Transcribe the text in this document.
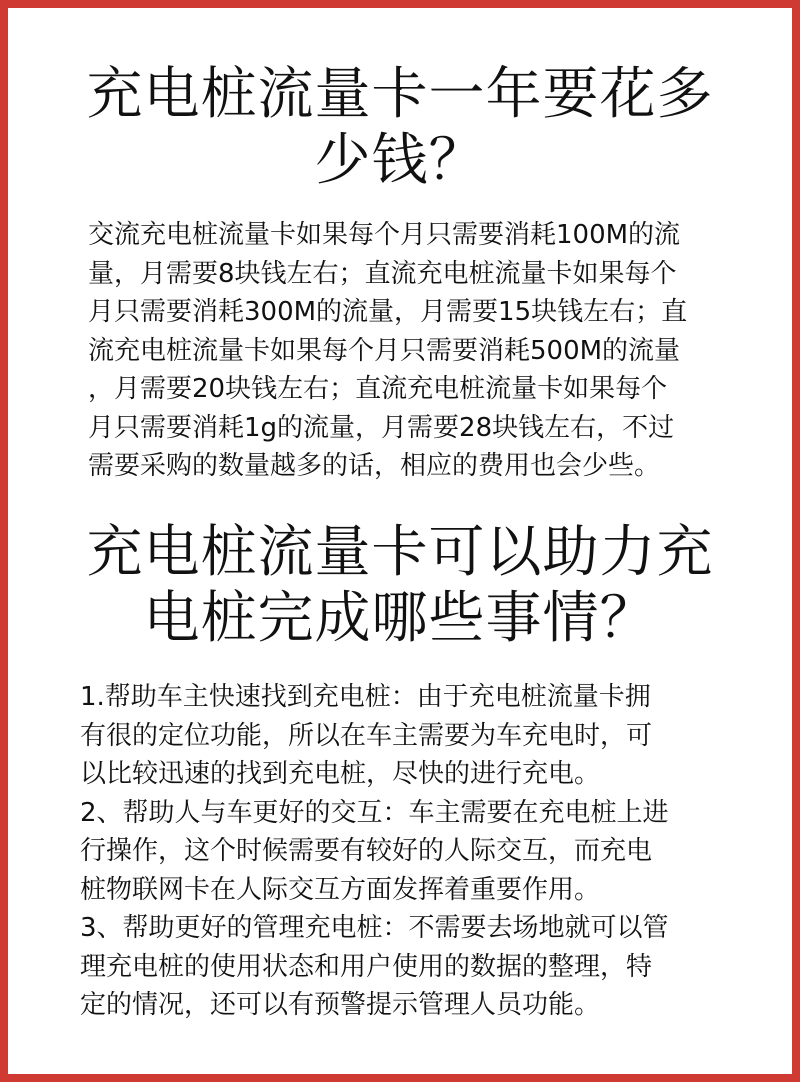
充电桩流量卡一年要花多
少钱？
交流充电桩流量卡如果每个月只需要消耗100M的流
量，月需要8块钱左右；直流充电桩流量卡如果每个
月只需要消耗300M的流量，月需要15块钱左右；直
流充电桩流量卡如果每个月只需要消耗500M的流量
，月需要20块钱左右；直流充电桩流量卡如果每个
月只需要消耗1g的流量，月需要28块钱左右，不过
需要采购的数量越多的话，相应的费用也会少些。
充电桩流量卡可以助力充
电桩完成哪些事情？
1.帮助车主快速找到充电桩：由于充电桩流量卡拥
有很的定位功能，所以在车主需要为车充电时，可
以比较迅速的找到充电桩，尽快的进行充电。
2、帮助人与车更好的交互：车主需要在充电桩上进
行操作，这个时候需要有较好的人际交互，而充电
桩物联网卡在人际交互方面发挥着重要作用。
3、帮助更好的管理充电桩：不需要去场地就可以管
理充电桩的使用状态和用户使用的数据的整理，特
定的情况，还可以有预警提示管理人员功能。
